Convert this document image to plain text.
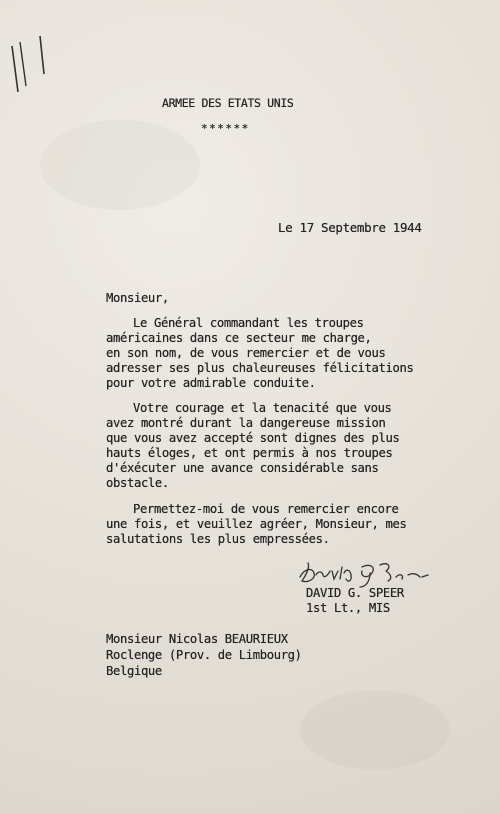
ARMEE DES ETATS UNIS
******
Le 17 Septembre 1944
Monsieur,
Le Général commandant les troupes
américaines dans ce secteur me charge,
en son nom, de vous remercier et de vous
adresser ses plus chaleureuses félicitations
pour votre admirable conduite.
Votre courage et la tenacité que vous
avez montré durant la dangereuse mission
que vous avez accepté sont dignes des plus
hauts éloges, et ont permis à nos troupes
d'éxécuter une avance considérable sans
obstacle.
Permettez-moi de vous remercier encore
une fois, et veuillez agréer, Monsieur, mes
salutations les plus empressées.
DAVID G. SPEER
1st Lt., MIS
Monsieur Nicolas BEAURIEUX
Roclenge (Prov. de Limbourg)
Belgique
